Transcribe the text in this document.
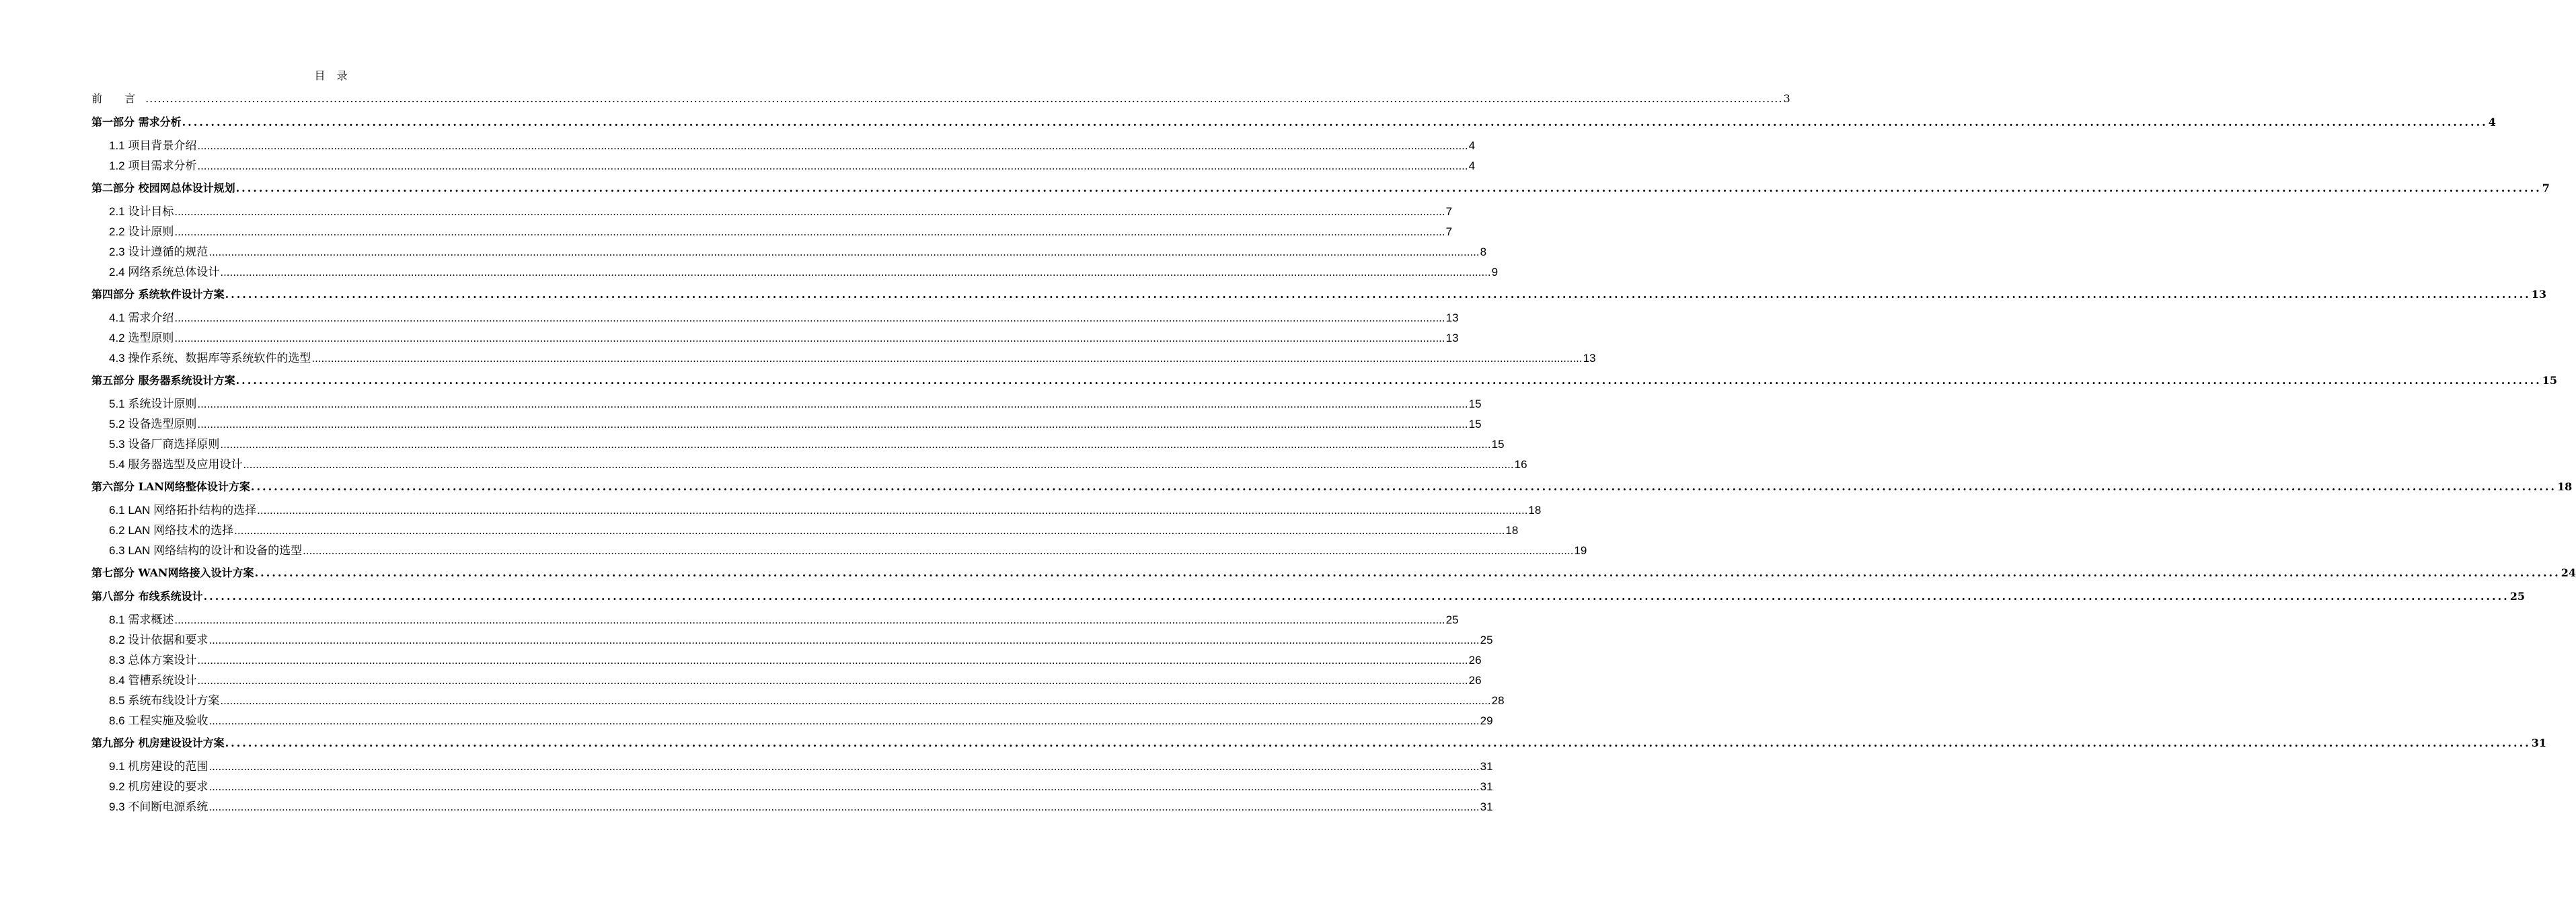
目 录
前 言 ................................................................................................................................................................................................................................................................................................................................................................................................................ 3
第一部分 需求分析 ................................................................................................................................................................................................................................................................................................................................................................................................................ 4
1.1 项目背景介绍 ................................................................................................................................................................................................................................................................................................................................................................................................................ 4
1.2 项目需求分析 ................................................................................................................................................................................................................................................................................................................................................................................................................ 4
第二部分 校园网总体设计规划 ................................................................................................................................................................................................................................................................................................................................................................................................................ 7
2.1 设计目标 ................................................................................................................................................................................................................................................................................................................................................................................................................ 7
2.2 设计原则 ................................................................................................................................................................................................................................................................................................................................................................................................................ 7
2.3 设计遵循的规范 ................................................................................................................................................................................................................................................................................................................................................................................................................ 8
2.4 网络系统总体设计 ................................................................................................................................................................................................................................................................................................................................................................................................................ 9
第四部分 系统软件设计方案 ................................................................................................................................................................................................................................................................................................................................................................................................................ 13
4.1 需求介绍 ................................................................................................................................................................................................................................................................................................................................................................................................................ 13
4.2 选型原则 ................................................................................................................................................................................................................................................................................................................................................................................................................ 13
4.3 操作系统、数据库等系统软件的选型 ................................................................................................................................................................................................................................................................................................................................................................................................................ 13
第五部分 服务器系统设计方案 ................................................................................................................................................................................................................................................................................................................................................................................................................ 15
5.1 系统设计原则 ................................................................................................................................................................................................................................................................................................................................................................................................................ 15
5.2 设备选型原则 ................................................................................................................................................................................................................................................................................................................................................................................................................ 15
5.3 设备厂商选择原则 ................................................................................................................................................................................................................................................................................................................................................................................................................ 15
5.4 服务器选型及应用设计 ................................................................................................................................................................................................................................................................................................................................................................................................................ 16
第六部分 LAN网络整体设计方案 ................................................................................................................................................................................................................................................................................................................................................................................................................ 18
6.1 LAN 网络拓扑结构的选择 ................................................................................................................................................................................................................................................................................................................................................................................................................ 18
6.2 LAN 网络技术的选择 ................................................................................................................................................................................................................................................................................................................................................................................................................ 18
6.3 LAN 网络结构的设计和设备的选型 ................................................................................................................................................................................................................................................................................................................................................................................................................ 19
第七部分 WAN网络接入设计方案 ................................................................................................................................................................................................................................................................................................................................................................................................................ 24
第八部分 布线系统设计 ................................................................................................................................................................................................................................................................................................................................................................................................................ 25
8.1 需求概述 ................................................................................................................................................................................................................................................................................................................................................................................................................ 25
8.2 设计依据和要求 ................................................................................................................................................................................................................................................................................................................................................................................................................ 25
8.3 总体方案设计 ................................................................................................................................................................................................................................................................................................................................................................................................................ 26
8.4 管槽系统设计 ................................................................................................................................................................................................................................................................................................................................................................................................................ 26
8.5 系统布线设计方案 ................................................................................................................................................................................................................................................................................................................................................................................................................ 28
8.6 工程实施及验收 ................................................................................................................................................................................................................................................................................................................................................................................................................ 29
第九部分 机房建设设计方案 ................................................................................................................................................................................................................................................................................................................................................................................................................ 31
9.1 机房建设的范围 ................................................................................................................................................................................................................................................................................................................................................................................................................ 31
9.2 机房建设的要求 ................................................................................................................................................................................................................................................................................................................................................................................................................ 31
9.3 不间断电源系统 ................................................................................................................................................................................................................................................................................................................................................................................................................ 31
